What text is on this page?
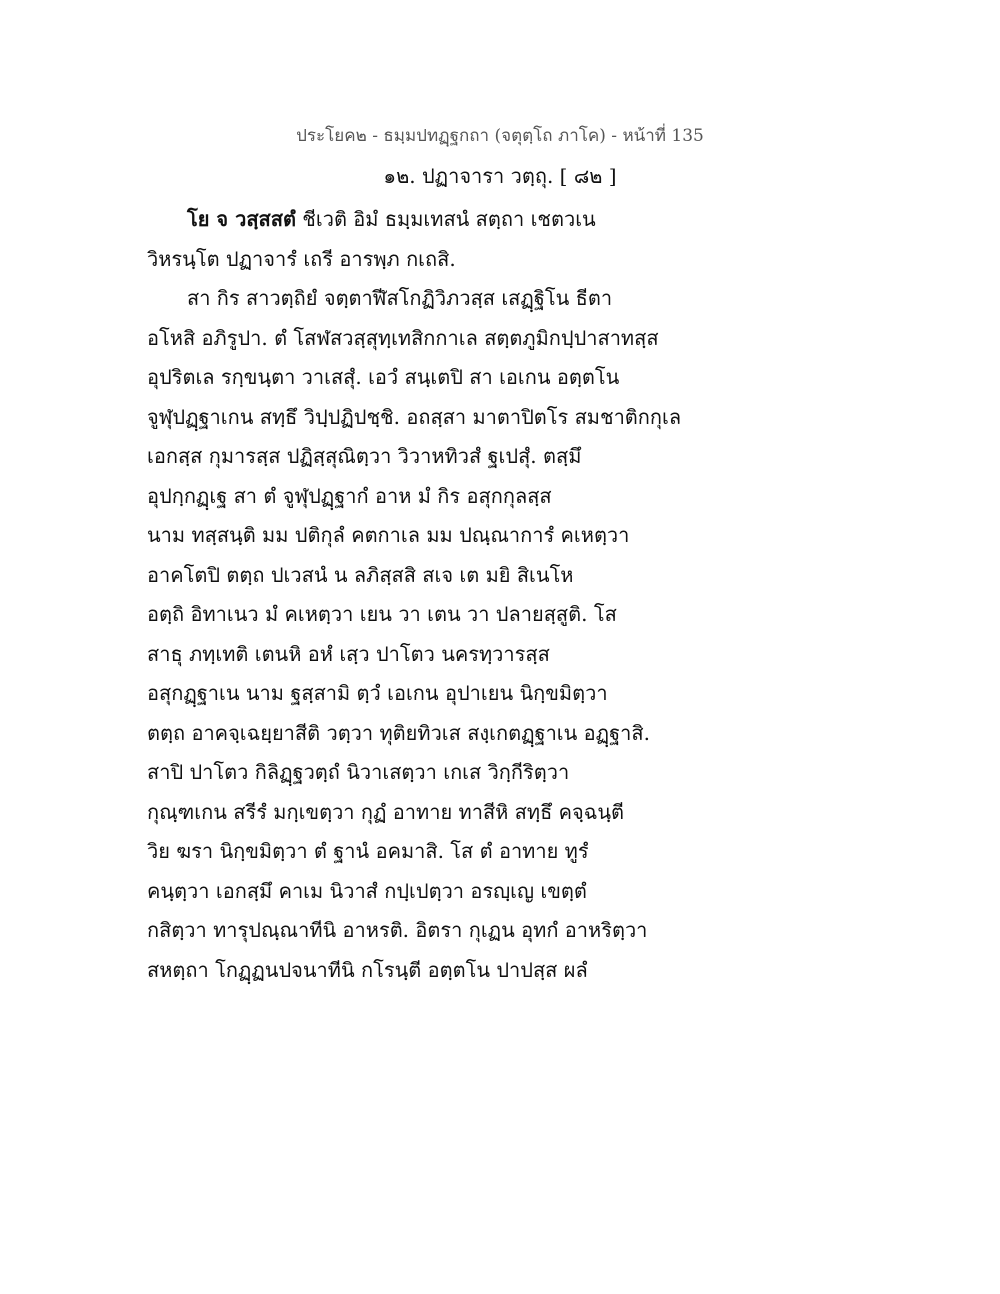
ประโยค๒ - ธมฺมปทฏฺฐกถา (จตุตฺโถ ภาโค) - หน้าที่ 135
๑๒. ปฏาจารา วตฺถุ. [ ๘๒ ]
โย จ วสฺสสตํ ชีเวติ อิมํ ธมฺมเทสนํ สตฺถา เชตวเน
วิหรนฺโต ปฏาจารํ เถรี อารพฺภ กเถสิ.
สา กิร สาวตฺถิยํ จตฺตาฬีสโกฏิวิภวสฺส เสฏฺฐิโน ธีตา
อโหสิ อภิรูปา. ตํ โสฬสวสฺสุทฺเทสิกกาเล สตฺตภูมิกปฺปาสาทสฺส
อุปริตเล รกฺขนฺตา วาเสสุํ. เอวํ สนฺเตปิ สา เอเกน อตฺตโน
จูฬุปฏฺฐาเกน สทฺธึ วิปฺปฏิปชฺชิ. อถสฺสา มาตาปิตโร สมชาติกกุเล
เอกสฺส กุมารสฺส ปฏิสฺสุณิตฺวา วิวาหทิวสํ ฐเปสุํ. ตสฺมึ
อุปกฺกฏฺเฐ สา ตํ จูฬุปฏฺฐากํ อาห มํ กิร อสุกกุลสฺส
นาม ทสฺสนฺติ มม ปติกุลํ คตกาเล มม ปณฺณาการํ คเหตฺวา
อาคโตปิ ตตฺถ ปเวสนํ น ลภิสฺสสิ สเจ เต มยิ สิเนโห
อตฺถิ อิทาเนว มํ คเหตฺวา เยน วา เตน วา ปลายสฺสูติ. โส
สาธุ ภทฺเทติ เตนหิ อหํ เสฺว ปาโตว นครทฺวารสฺส
อสุกฏฺฐาเน นาม ฐสฺสามิ ตฺวํ เอเกน อุปาเยน นิกฺขมิตฺวา
ตตฺถ อาคจฺเฉยฺยาสีติ วตฺวา ทุติยทิวเส สงฺเกตฏฺฐาเน อฏฺฐาสิ.
สาปิ ปาโตว กิลิฏฺฐวตฺถํ นิวาเสตฺวา เกเส วิกฺกีริตฺวา
กุณฺฑเกน สรีรํ มกฺเขตฺวา กุฏํ อาทาย ทาสีหิ สทฺธึ คจฺฉนฺตี
วิย ฆรา นิกฺขมิตฺวา ตํ ฐานํ อคมาสิ. โส ตํ อาทาย ทูรํ
คนฺตฺวา เอกสฺมึ คาเม นิวาสํ กปฺเปตฺวา อรญฺเญ เขตฺตํ
กสิตฺวา ทารุปณฺณาทีนิ อาหรติ. อิตรา กุเฏน อุทกํ อาหริตฺวา
สหตฺถา โกฏฺฏนปจนาทีนิ กโรนฺตี อตฺตโน ปาปสฺส ผลํ
